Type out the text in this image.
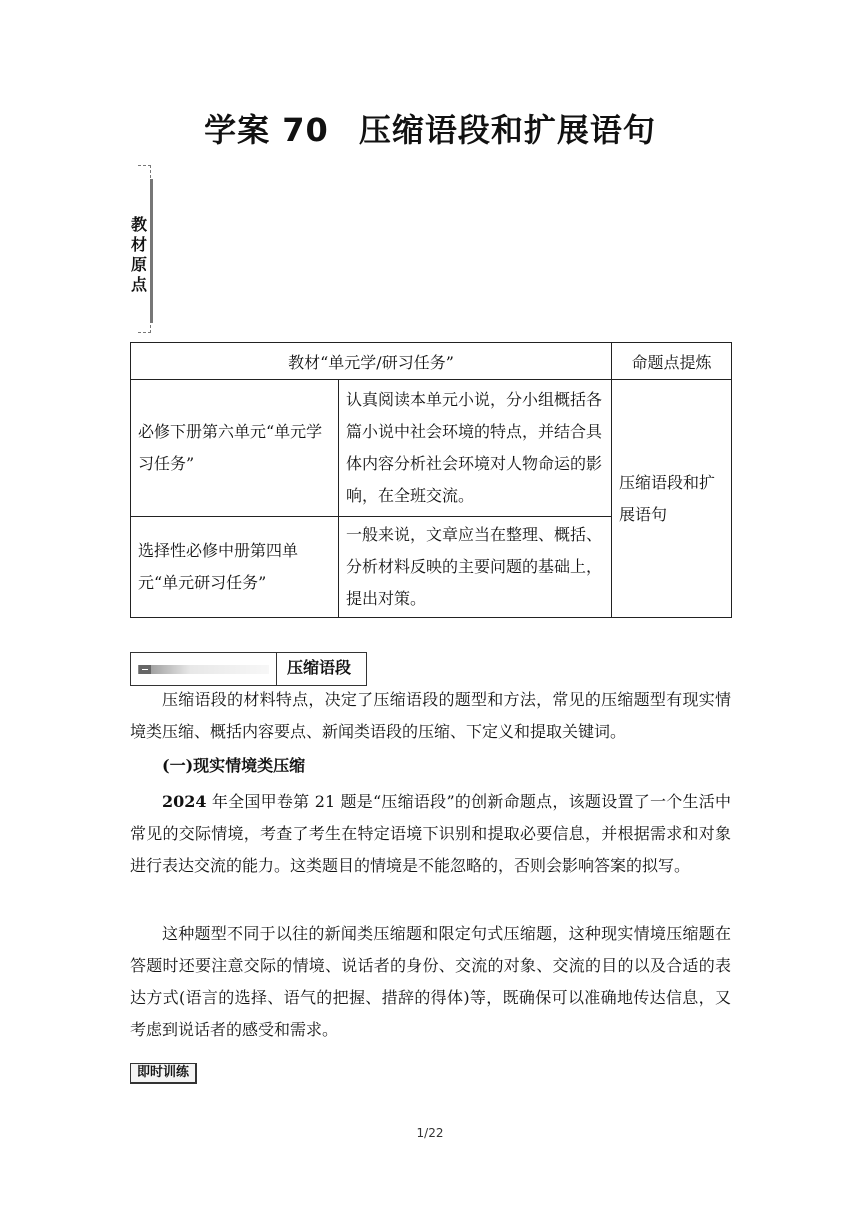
学案 70 压缩语段和扩展语句
教材原点
教材“单元学/研习任务”		命题点提炼
必修下册第六单元“单元学习任务”	认真阅读本单元小说，分小组概括各篇小说中社会环境的特点，并结合具体内容分析社会环境对人物命运的影响，在全班交流。	压缩语段和扩展语句
选择性必修中册第四单元“单元研习任务”	一般来说，文章应当在整理、概括、分析材料反映的主要问题的基础上，提出对策。	
压缩语段

压缩语段的材料特点，决定了压缩语段的题型和方法，常见的压缩题型有现实情境类压缩、概括内容要点、新闻类语段的压缩、下定义和提取关键词。

(一)现实情境类压缩

2024 年全国甲卷第 21 题是“压缩语段”的创新命题点，该题设置了一个生活中常见的交际情境，考查了考生在特定语境下识别和提取必要信息，并根据需求和对象进行表达交流的能力。这类题目的情境是不能忽略的，否则会影响答案的拟写。

这种题型不同于以往的新闻类压缩题和限定句式压缩题，这种现实情境压缩题在答题时还要注意交际的情境、说话者的身份、交流的对象、交流的目的以及合适的表达方式(语言的选择、语气的把握、措辞的得体)等，既确保可以准确地传达信息，又考虑到说话者的感受和需求。

即时训练
1/22
